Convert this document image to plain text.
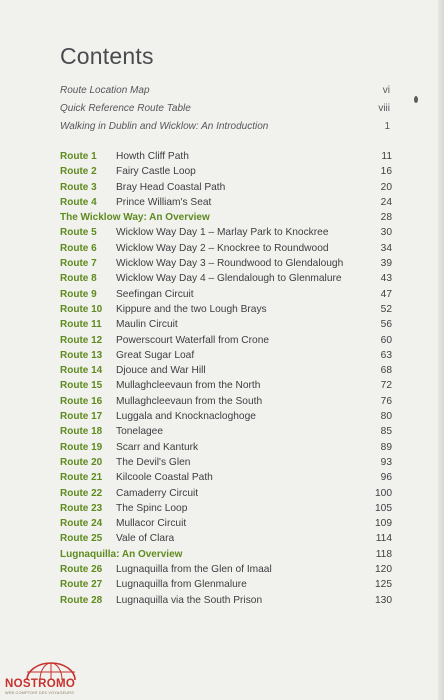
Contents
Route Location Map	vi
Quick Reference Route Table	viii
Walking in Dublin and Wicklow: An Introduction	1
Route 1	Howth Cliff Path	11
Route 2	Fairy Castle Loop	16
Route 3	Bray Head Coastal Path	20
Route 4	Prince William's Seat	24
The Wicklow Way: An Overview	28
Route 5	Wicklow Way Day 1 – Marlay Park to Knockree	30
Route 6	Wicklow Way Day 2 – Knockree to Roundwood	34
Route 7	Wicklow Way Day 3 – Roundwood to Glendalough	39
Route 8	Wicklow Way Day 4 – Glendalough to Glenmalure	43
Route 9	Seefingan Circuit	47
Route 10	Kippure and the two Lough Brays	52
Route 11	Maulin Circuit	56
Route 12	Powerscourt Waterfall from Crone	60
Route 13	Great Sugar Loaf	63
Route 14	Djouce and War Hill	68
Route 15	Mullaghcleevaun from the North	72
Route 16	Mullaghcleevaun from the South	76
Route 17	Luggala and Knocknacloghoge	80
Route 18	Tonelagee	85
Route 19	Scarr and Kanturk	89
Route 20	The Devil's Glen	93
Route 21	Kilcoole Coastal Path	96
Route 22	Camaderry Circuit	100
Route 23	The Spinc Loop	105
Route 24	Mullacor Circuit	109
Route 25	Vale of Clara	114
Lugnaquilla: An Overview	118
Route 26	Lugnaquilla from the Glen of Imaal	120
Route 27	Lugnaquilla from Glenmalure	125
Route 28	Lugnaquilla via the South Prison	130

NOSTROMO

WEB COMPTOIR DES VOYAGEURS
